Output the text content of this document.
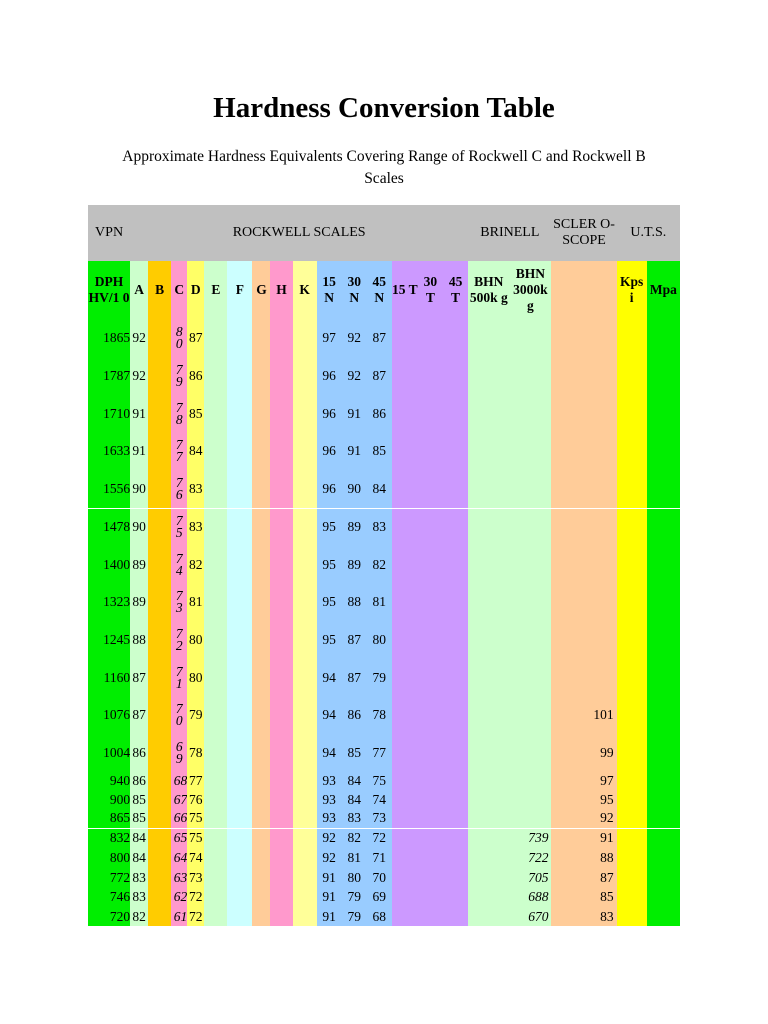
Hardness Conversion Table

Approximate Hardness Equivalents Covering Range of Rockwell C and Rockwell B Scales

VPN	ROCKWELL SCALES															BRINELL		SCLER O- SCOPE	U.T.S.	
DPH HV/1 0	A	B	C	D	E	F	G	H	K	15 N	30 N	45 N	15 T	30 T	45 T	BHN 500k g	BHN 3000k g		Kps i	Mpa
1865	92		80	87						97	92	87								
1787	92		79	86						96	92	87								
1710	91		78	85						96	91	86								
1633	91		77	84						96	91	85								
1556	90		76	83						96	90	84								
1478	90		75	83						95	89	83								
1400	89		74	82						95	89	82								
1323	89		73	81						95	88	81								
1245	88		72	80						95	87	80								
1160	87		71	80						94	87	79								
1076	87		70	79						94	86	78						101		
1004	86		69	78						94	85	77						99		
940	86		68	77						93	84	75						97		
900	85		67	76						93	84	74						95		
865	85		66	75						93	83	73						92		
832	84		65	75						92	82	72					739	91		
800	84		64	74						92	81	71					722	88		
772	83		63	73						91	80	70					705	87		
746	83		62	72						91	79	69					688	85		
720	82		61	72						91	79	68					670	83		
